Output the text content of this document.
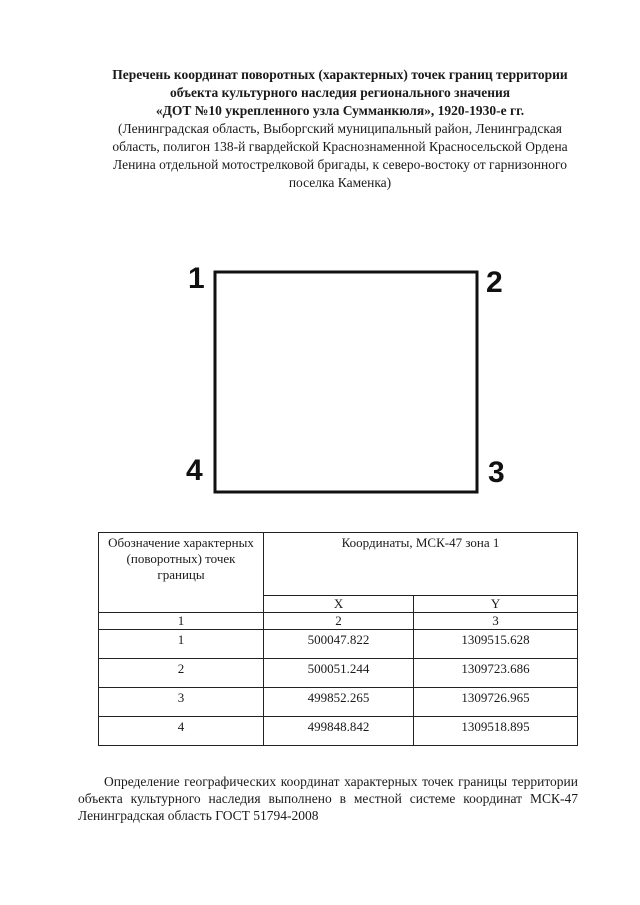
Перечень координат поворотных (характерных) точек границ территории
объекта культурного наследия регионального значения
«ДОТ №10 укрепленного узла Сумманкюля», 1920-1930-е гг.
(Ленинградская область, Выборгский муниципальный район, Ленинградская
область, полигон 138-й гвардейской Краснознаменной Красносельской Ордена
Ленина отдельной мотострелковой бригады, к северо-востоку от гарнизонного
поселка Каменка)
1	2
3
4
Обозначение характерных (поворотных) точек границы	Координаты, МСК-47 зона 1	
	X	Y
1	2	3
1	500047.822	1309515.628
2	500051.244	1309723.686
3	499852.265	1309726.965
4	499848.842	1309518.895
Определение географических координат характерных точек границы территории объекта культурного наследия выполнено в местной системе координат МСК-47 Ленинградская область ГОСТ 51794-2008
